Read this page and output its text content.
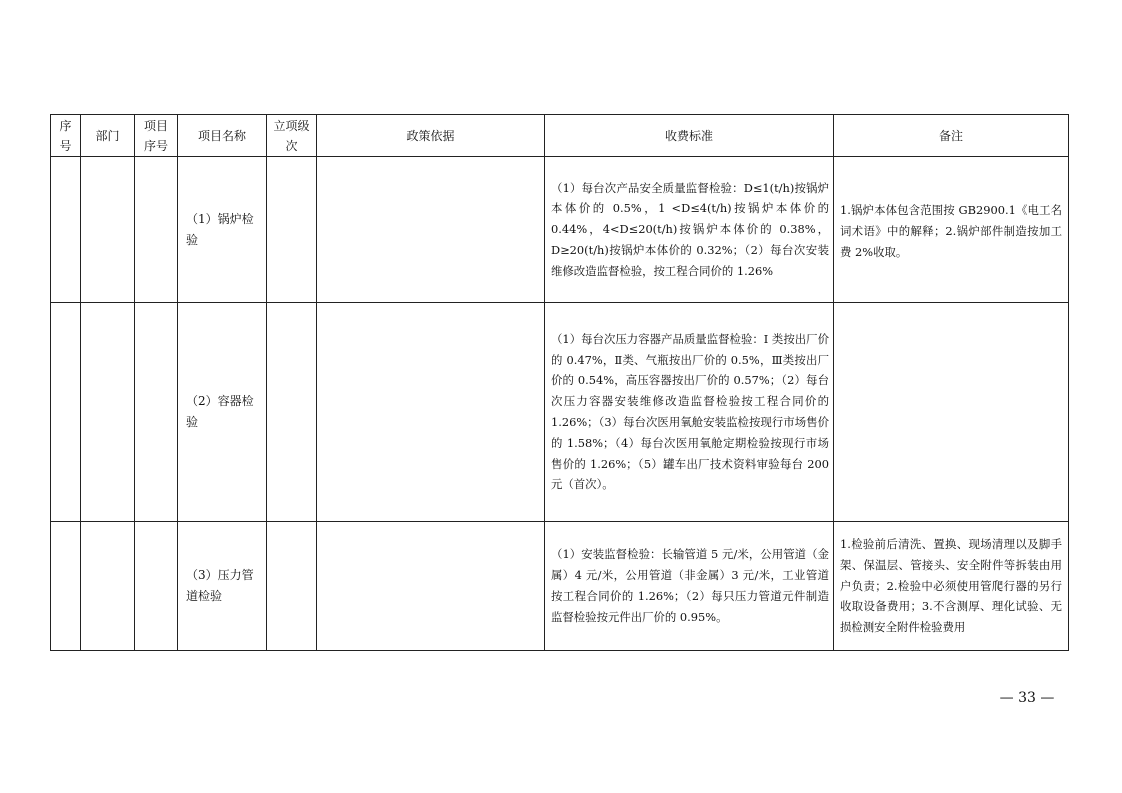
序号	部门	项目序号	项目名称	立项级次	政策依据	收费标准	备注

			（1）锅炉检验			（1）每台次产品安全质量监督检验：D≤1(t/h)按锅炉本体价的 0.5%，1 <D≤4(t/h)按锅炉本体价的 0.44%，4<D≤20(t/h)按锅炉本体价的 0.38%，D≥20(t/h)按锅炉本体价的 0.32%；（2）每台次安装维修改造监督检验，按工程合同价的 1.26%	1.锅炉本体包含范围按 GB2900.1《电工名词术语》中的解释；2.锅炉部件制造按加工费 2%收取。

			（2）容器检验			（1）每台次压力容器产品质量监督检验：I 类按出厂价的 0.47%，Ⅱ类、气瓶按出厂价的 0.5%，Ⅲ类按出厂价的 0.54%，高压容器按出厂价的 0.57%；（2）每台次压力容器安装维修改造监督检验按工程合同价的 1.26%；（3）每台次医用氧舱安装监检按现行市场售价的 1.58%；（4）每台次医用氧舱定期检验按现行市场售价的 1.26%；（5）罐车出厂技术资料审验每台 200 元（首次）。	

			（3）压力管道检验			（1）安装监督检验：长输管道 5 元/米，公用管道（金属）4 元/米，公用管道（非金属）3 元/米，工业管道按工程合同价的 1.26%；（2）每只压力管道元件制造监督检验按元件出厂价的 0.95%。	1.检验前后清洗、置换、现场清理以及脚手架、保温层、管接头、安全附件等拆装由用户负责；2.检验中必须使用管爬行器的另行收取设备费用；3.不含测厚、理化试验、无损检测安全附件检验费用
— 33 —
